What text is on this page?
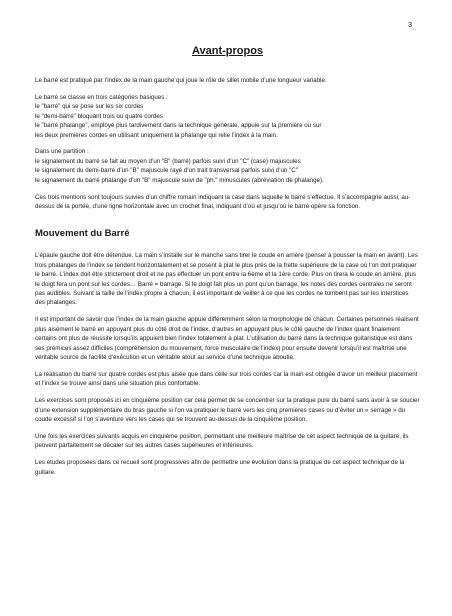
3
Avant-propos

Le barré est pratiqué par l’index de la main gauche qui joue le rôle de sillet mobile d’une longueur variable.

Le barré se classe en trois catégories basiques :
le "barré" qui se pose sur les six cordes
le "demi-barré" bloquant trois ou quatre cordes
le "barré phalange", employé plus tardivement dans la technique générale, appuie sur la première ou sur
les deux premières cordes en utilisant uniquement la phalange qui relie l’index à la main.

Dans une partition :
le signalement du barré se fait au moyen d’un "B" (barré) parfois suivi d’un "C" (case) majuscules
le signalement du demi-barré d’un "B" majuscule rayé d’un trait transversal parfois suivi d’un "C"
le signalement du barré phalange d’un "B" majuscule suivi de "ph." minuscules (abréviation de phalange).

Ces trois mentions sont toujours suivies d’un chiffre romain indiquant la case dans laquelle le barré s’effectue. Il s’accompagne aussi, au-dessus de la portée, d’une ligne horizontale avec un crochet final, indiquant d’où et jusqu’où le barré opère sa fonction.

Mouvement du Barré

L’épaule gauche doit être détendue. La main s’installe sur le manche sans tirer le coude en arrière (penser à pousser la main en avant). Les trois phalanges de l’index se tendent horizontalement et se posent à plat le plus près de la frette supérieure de la case où l’on doit pratiquer le barré. L’index doit être strictement droit et ne pas effectuer un pont entre la 6ème et la 1ère corde. Plus on tirera le coude en arrière, plus le doigt fera un pont sur les cordes… Barré = barrage. Si le doigt fait plus un pont qu’un barrage, les notes des cordes centrales ne seront pas audibles. Suivant la taille de l’index propre à chacun, il est important de veiller à ce que les cordes ne tombent pas sur les interstices des phalanges.

Il est important de savoir que l’index de la main gauche appuie différemment selon la morphologie de chacun. Certaines personnes réalisent plus aisément le barré en appuyant plus du côté droit de l’index, d’autres en appuyant plus le côté gauche de l’index quant finalement certains ont plus de réussite lorsqu’ils appuient bien l’index totalement à plat. L’utilisation du barré dans la technique guitaristique est dans ses prémices assez difficiles (compréhension du mouvement, force musculaire de l’index) pour ensuite devenir lorsqu’il est maîtrisé une véritable source de facilité d’exécution et un véritable atout au service d’une technique aboutie.

La réalisation du barré sur quatre cordes est plus aisée que dans celle sur trois cordes car la main est obligée d’avoir un meilleur placement et l’index se trouve ainsi dans une situation plus confortable.

Les exercices sont proposés ici en cinquième position car cela permet de se concentrer sur la pratique pure du barré sans avoir à se soucier d’une extension supplémentaire du bras gauche si l’on va pratiquer le barré vers les cinq premières cases ou d’éviter un « serrage » du coude excessif si l’on s’aventure vers les cases qui se trouvent au-dessus de la cinquième position.

Une fois les exercices suivants acquis en cinquième position, permettant une meilleure maîtrise de cet aspect technique de la guitare, ils peuvent parfaitement se décaler sur les autres cases supérieures et inférieures.

Les études proposées dans ce recueil sont progressives afin de permettre une évolution dans la pratique de cet aspect technique de la guitare.
